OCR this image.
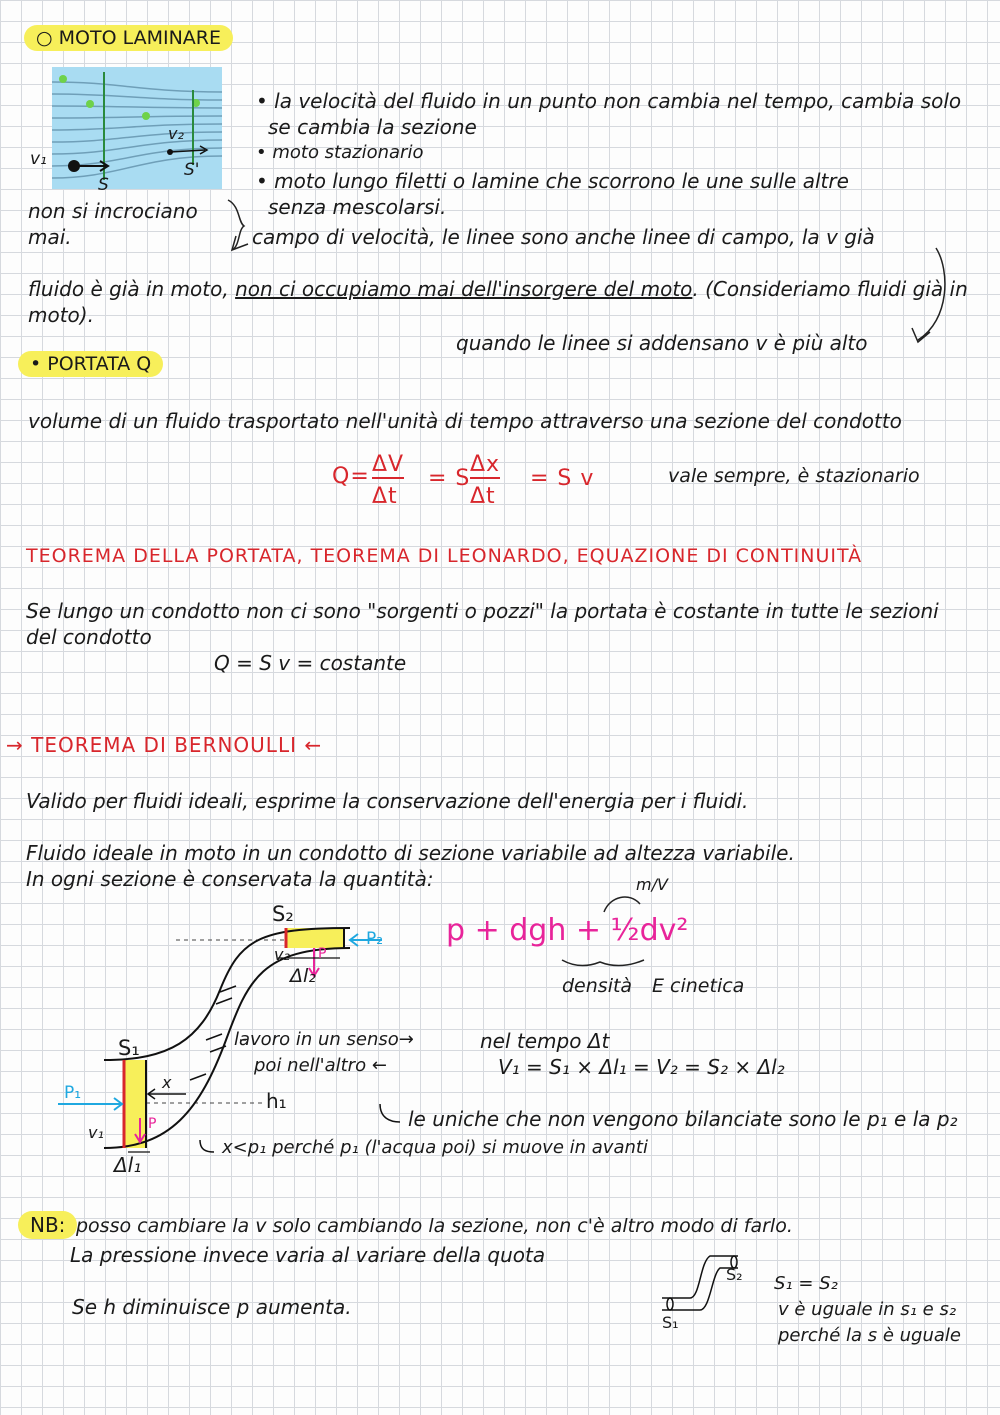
○ MOTO LAMINARE
v₁
S
v₂
S'
• la velocità del fluido in un punto non cambia nel tempo, cambia solo
se cambia la sezione
• moto stazionario
• moto lungo filetti o lamine che scorrono le une sulle altre
senza mescolarsi.
non si incrociano
mai.	campo di velocità, le linee sono anche linee di campo, la v già
fluido è già in moto, non ci occupiamo mai dell'insorgere del moto. (Consideriamo fluidi già in
moto).
quando le linee si addensano v è più alto
• PORTATA Q
volume di un fluido trasportato nell'unità di tempo attraverso una sezione del condotto
Q= ΔV
Δt
= S
Δx
Δt
= S v	vale sempre, è stazionario
TEOREMA DELLA PORTATA, TEOREMA DI LEONARDO, EQUAZIONE DI CONTINUITÀ
Se lungo un condotto non ci sono "sorgenti o pozzi" la portata è costante in tutte le sezioni
del condotto
Q = S v = costante
→ TEOREMA DI BERNOULLI ←
Valido per fluidi ideali, esprime la conservazione dell'energia per i fluidi.
Fluido ideale in moto in un condotto di sezione variabile ad altezza variabile.
In ogni sezione è conservata la quantità:
p + dgh + ½dv²
m/V
densità E cinetica
S₂
P₂
v₂ P
Δl₂
S₁
P₁
v₁	P
x
Δl₁
h₁
lavoro in un senso→
poi nell'altro ←
nel tempo Δt
V₁ = S₁ × Δl₁ = V₂ = S₂ × Δl₂
le uniche che non vengono bilanciate sono le p₁ e la p₂
x<p₁ perché p₁ (l'acqua poi) si muove in avanti
NB: posso cambiare la v solo cambiando la sezione, non c'è altro modo di farlo.
La pressione invece varia al variare della quota
Se h diminuisce p aumenta.
S₁
S₂ S₁ = S₂
v è uguale in s₁ e s₂
perché la s è uguale
